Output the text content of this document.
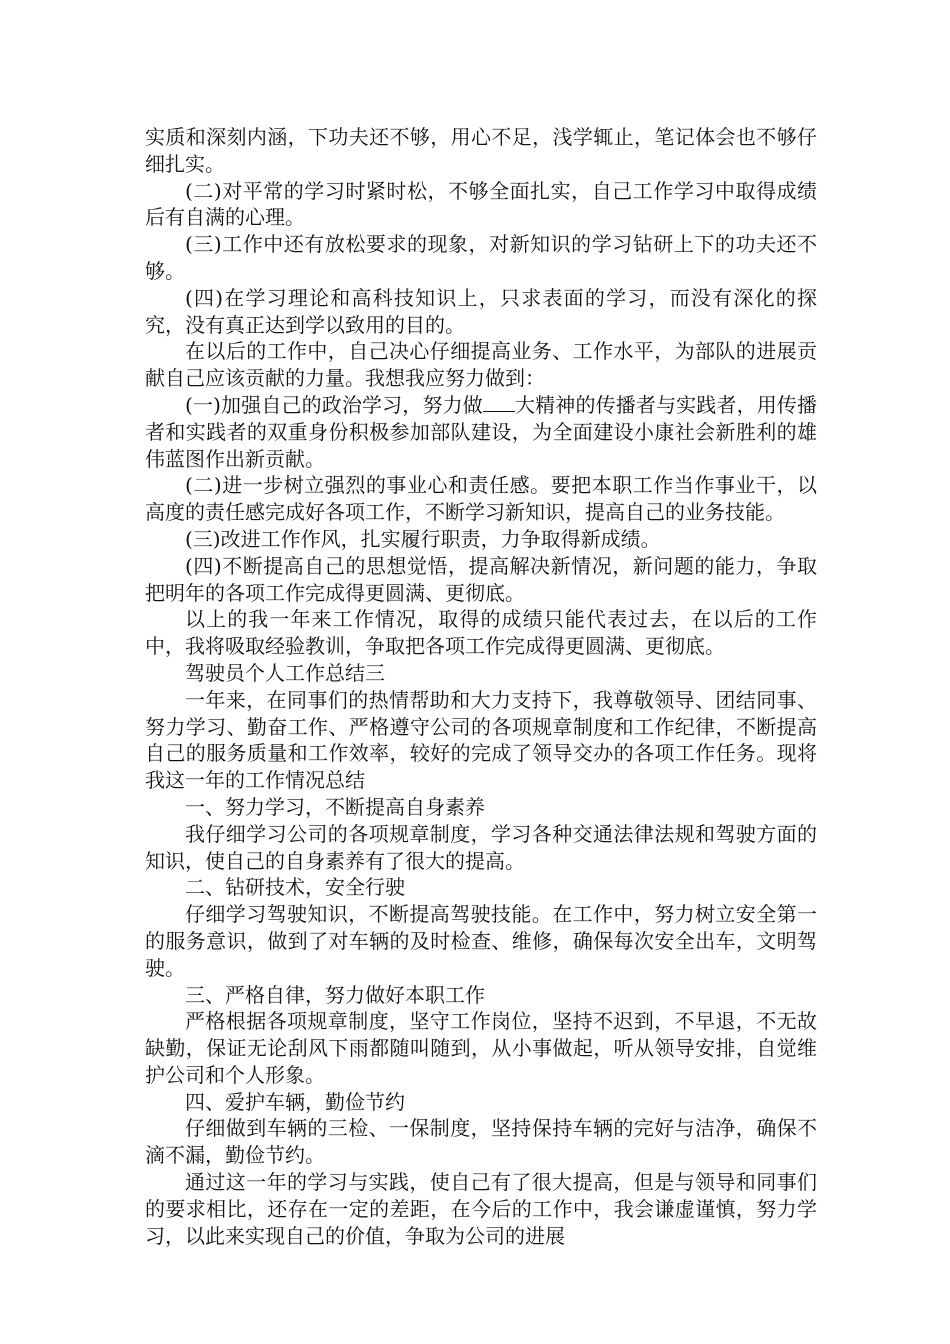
实质和深刻内涵，下功夫还不够，用心不足，浅学辄止，笔记体会也不够仔细扎实。

(二)对平常的学习时紧时松，不够全面扎实，自己工作学习中取得成绩后有自满的心理。

(三)工作中还有放松要求的现象，对新知识的学习钻研上下的功夫还不够。

(四)在学习理论和高科技知识上，只求表面的学习，而没有深化的探究，没有真正达到学以致用的目的。

在以后的工作中，自己决心仔细提高业务、工作水平，为部队的进展贡献自己应该贡献的力量。我想我应努力做到：

(一)加强自己的政治学习，努力做 大精神的传播者与实践者，用传播者和实践者的双重身份积极参加部队建设，为全面建设小康社会新胜利的雄伟蓝图作出新贡献。

(二)进一步树立强烈的事业心和责任感。要把本职工作当作事业干，以高度的责任感完成好各项工作，不断学习新知识，提高自己的业务技能。

(三)改进工作作风，扎实履行职责，力争取得新成绩。

(四)不断提高自己的思想觉悟，提高解决新情况，新问题的能力，争取把明年的各项工作完成得更圆满、更彻底。

以上的我一年来工作情况，取得的成绩只能代表过去，在以后的工作中，我将吸取经验教训，争取把各项工作完成得更圆满、更彻底。

驾驶员个人工作总结三

一年来，在同事们的热情帮助和大力支持下，我尊敬领导、团结同事、努力学习、勤奋工作、严格遵守公司的各项规章制度和工作纪律，不断提高自己的服务质量和工作效率，较好的完成了领导交办的各项工作任务。现将我这一年的工作情况总结

一、努力学习，不断提高自身素养

我仔细学习公司的各项规章制度，学习各种交通法律法规和驾驶方面的知识，使自己的自身素养有了很大的提高。

二、钻研技术，安全行驶

仔细学习驾驶知识，不断提高驾驶技能。在工作中，努力树立安全第一的服务意识，做到了对车辆的及时检查、维修，确保每次安全出车，文明驾驶。

三、严格自律，努力做好本职工作

严格根据各项规章制度，坚守工作岗位，坚持不迟到，不早退，不无故缺勤，保证无论刮风下雨都随叫随到，从小事做起，听从领导安排，自觉维护公司和个人形象。

四、爱护车辆，勤俭节约

仔细做到车辆的三检、一保制度，坚持保持车辆的完好与洁净，确保不滴不漏，勤俭节约。

通过这一年的学习与实践，使自己有了很大提高，但是与领导和同事们的要求相比，还存在一定的差距，在今后的工作中，我会谦虚谨慎，努力学习，以此来实现自己的价值，争取为公司的进展
